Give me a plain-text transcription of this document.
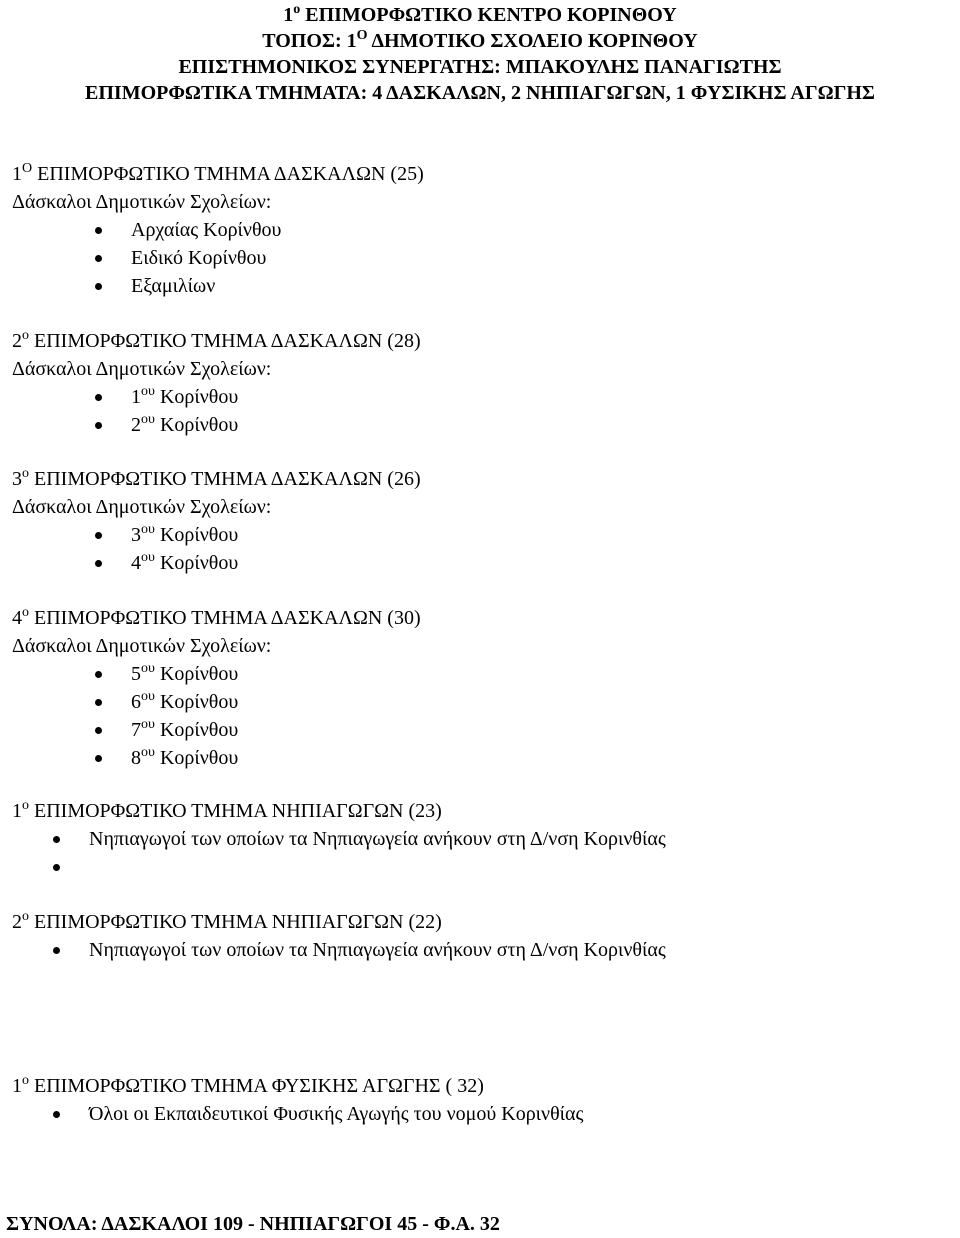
$1^o$ ΕΠΙΜΟΡΦΩΤΙΚΟ ΚΕΝΤΡΟ ΚΟΡΙΝΘΟΥ
ΤΟΠΟΣ: $1^O$ ΔΗΜΟΤΙΚΟ ΣΧΟΛΕΙΟ ΚΟΡΙΝΘΟΥ
ΕΠΙΣΤΗΜΟΝΙΚΟΣ ΣΥΝΕΡΓΑΤΗΣ: ΜΠΑΚΟΥΛΗΣ ΠΑΝΑΓΙΩΤΗΣ
ΕΠΙΜΟΡΦΩΤΙΚΑ ΤΜΗΜΑΤΑ: 4 ΔΑΣΚΑΛΩΝ, 2 ΝΗΠΙΑΓΩΓΩΝ, 1 ΦΥΣΙΚΗΣ ΑΓΩΓΗΣ
$1^O$ ΕΠΙΜΟΡΦΩΤΙΚΟ ΤΜΗΜΑ ΔΑΣΚΑΛΩΝ (25)
Δάσκαλοι Δημοτικών Σχολείων:
Αρχαίας Κορίνθου
Ειδικό Κορίνθου
Εξαμιλίων
$2^o$ ΕΠΙΜΟΡΦΩΤΙΚΟ ΤΜΗΜΑ ΔΑΣΚΑΛΩΝ (28)
Δάσκαλοι Δημοτικών Σχολείων:
$1^{o\upsilon}$ Κορίνθου
$2^{o\upsilon}$ Κορίνθου
$3^o$ ΕΠΙΜΟΡΦΩΤΙΚΟ ΤΜΗΜΑ ΔΑΣΚΑΛΩΝ (26)
Δάσκαλοι Δημοτικών Σχολείων:
$3^{o\upsilon}$ Κορίνθου
$4^{o\upsilon}$ Κορίνθου
$4^o$ ΕΠΙΜΟΡΦΩΤΙΚΟ ΤΜΗΜΑ ΔΑΣΚΑΛΩΝ (30)
Δάσκαλοι Δημοτικών Σχολείων:
$5^{o\upsilon}$ Κορίνθου
$6^{o\upsilon}$ Κορίνθου
$7^{o\upsilon}$ Κορίνθου
$8^{o\upsilon}$ Κορίνθου
$1^o$ ΕΠΙΜΟΡΦΩΤΙΚΟ ΤΜΗΜΑ ΝΗΠΙΑΓΩΓΩΝ (23)
Νηπιαγωγοί των οποίων τα Νηπιαγωγεία ανήκουν στη Δ/νση Κορινθίας
$2^o$ ΕΠΙΜΟΡΦΩΤΙΚΟ ΤΜΗΜΑ ΝΗΠΙΑΓΩΓΩΝ (22)
Νηπιαγωγοί των οποίων τα Νηπιαγωγεία ανήκουν στη Δ/νση Κορινθίας
$1^o$ ΕΠΙΜΟΡΦΩΤΙΚΟ ΤΜΗΜΑ ΦΥΣΙΚΗΣ ΑΓΩΓΗΣ ( 32)
Όλοι οι Εκπαιδευτικοί Φυσικής Αγωγής του νομού Κορινθίας
ΣΥΝΟΛΑ: ΔΑΣΚΑΛΟΙ 109 - ΝΗΠΙΑΓΩΓΟΙ 45 - Φ.Α. 32
